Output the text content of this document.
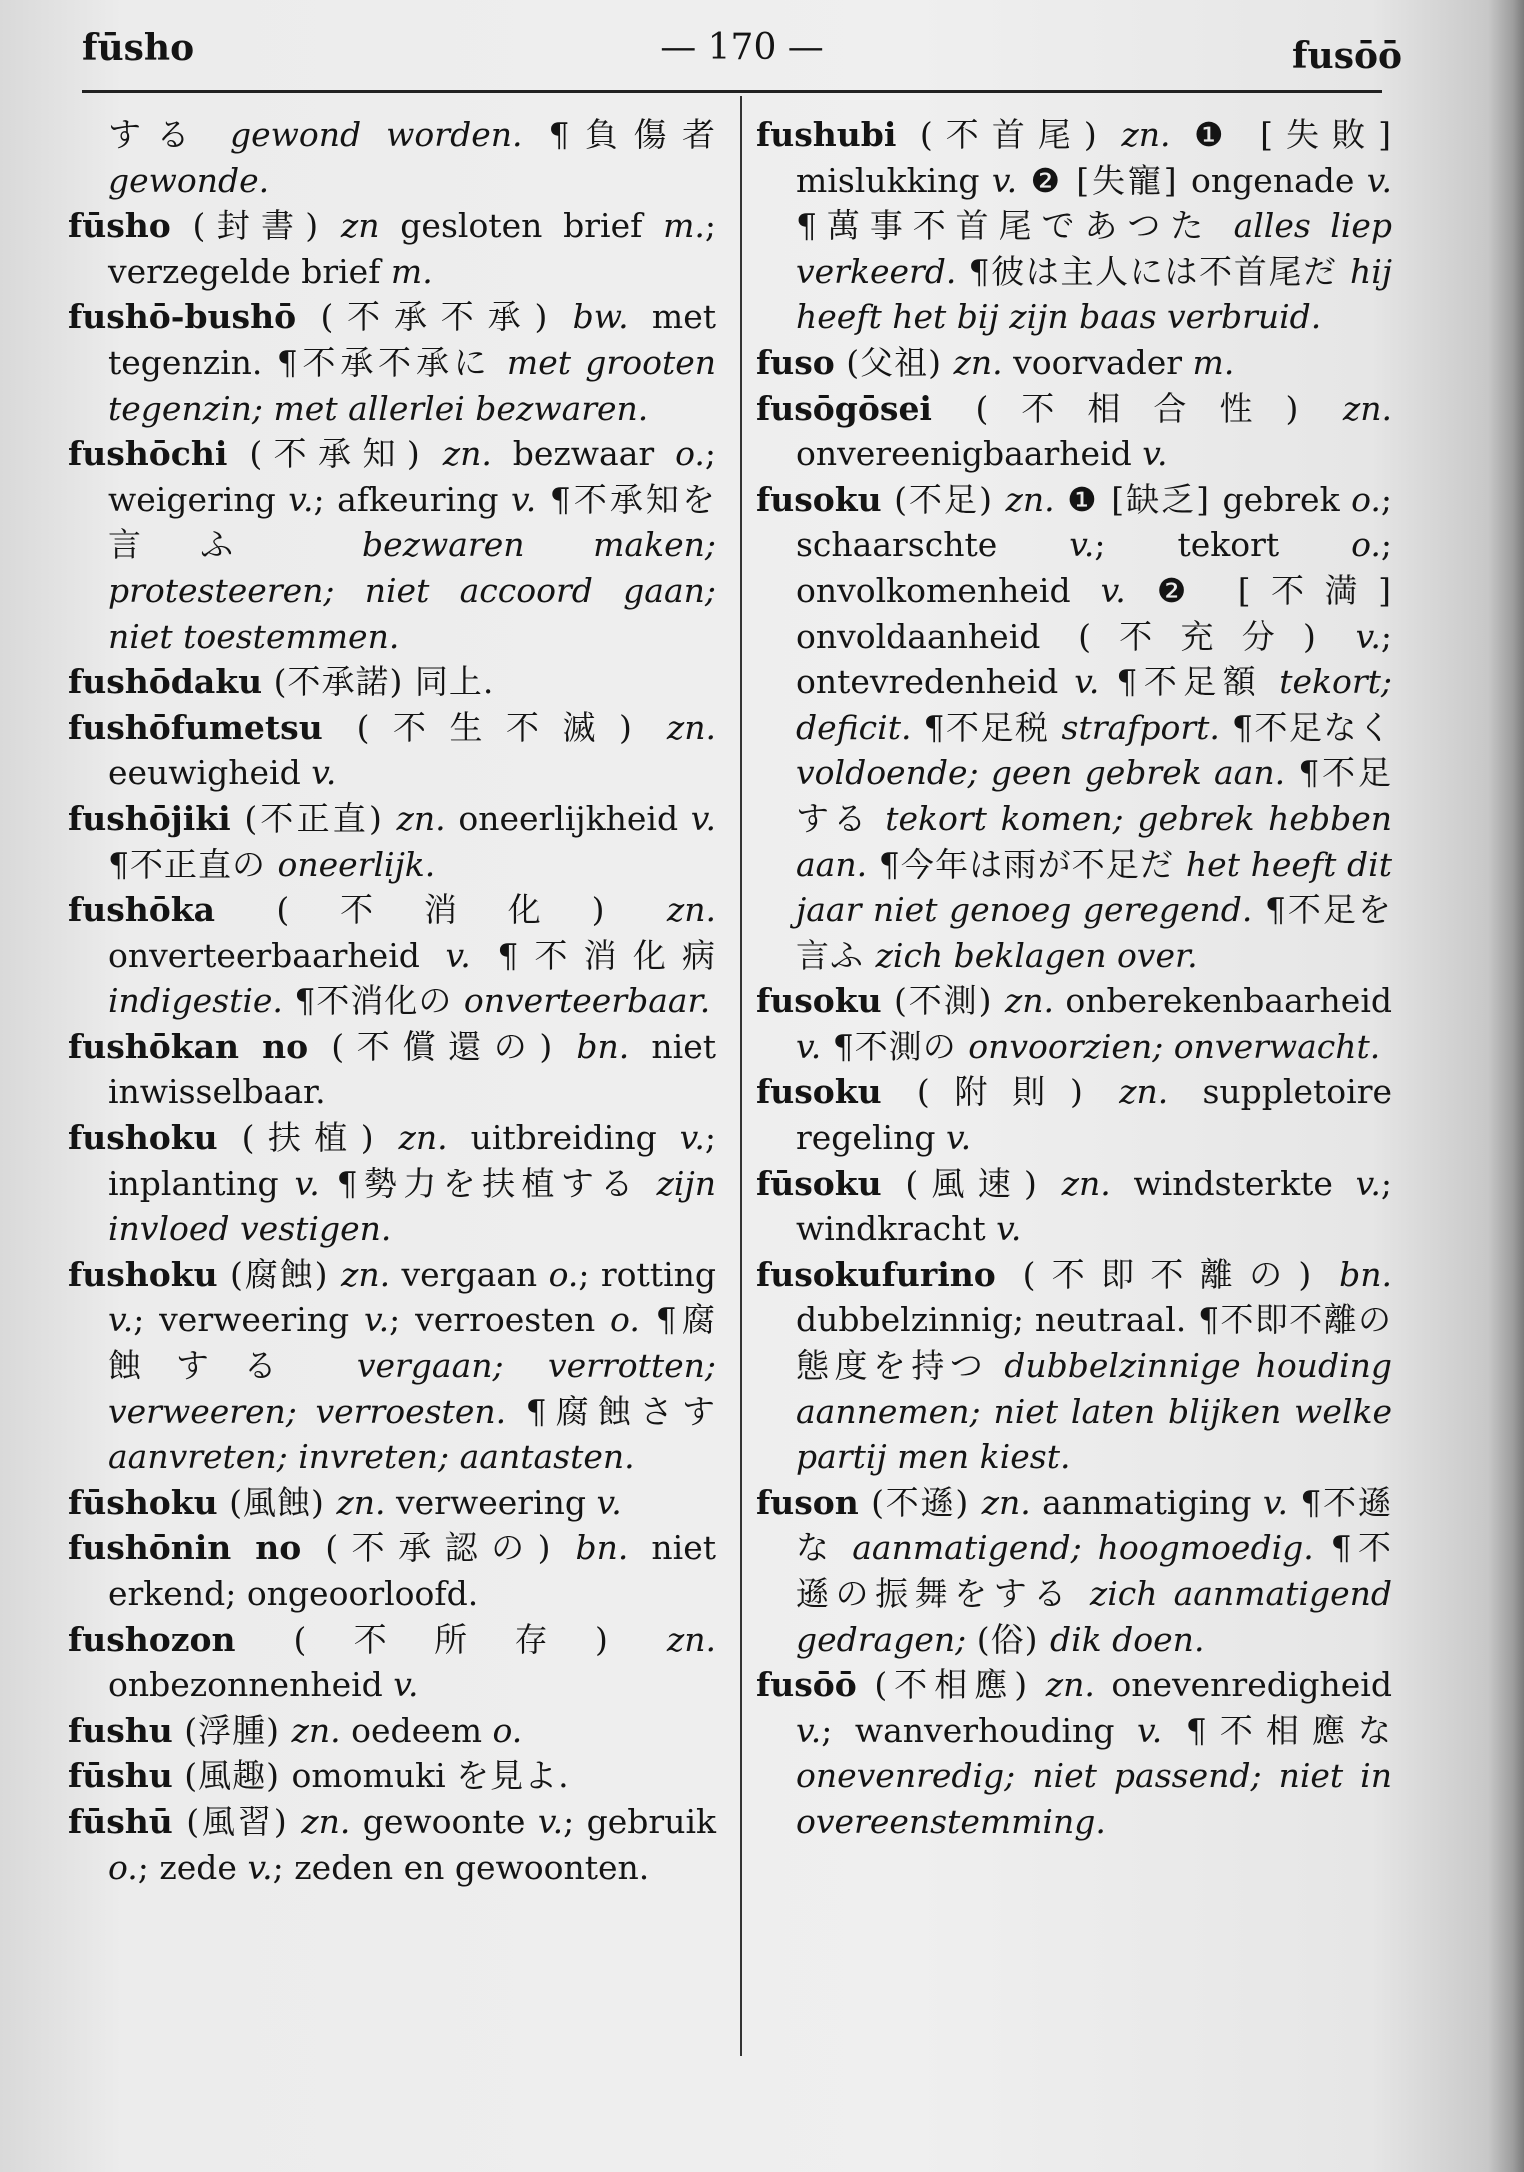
fūsho	— 170 —	fusōō

する gewond worden. ¶負傷者 gewonde.

fūsho (封書) zn gesloten brief m.; verzegelde brief m.

fushō-bushō (不承不承) bw. met tegenzin. ¶不承不承に met grooten tegenzin; met allerlei bezwaren.

fushōchi (不承知) zn. bezwaar o.; weigering v.; afkeuring v. ¶不承知を言ふ bezwaren maken; protesteeren; niet accoord gaan; niet toestemmen.

fushōdaku (不承諾) 同上.

fushōfumetsu (不生不滅) zn. eeuwigheid v.

fushōjiki (不正直) zn. oneerlijkheid v. ¶不正直の oneerlijk.

fushōka (不消化) zn. onverteerbaarheid v. ¶不消化病 indigestie. ¶不消化の onverteerbaar.

fushōkan no (不償還の) bn. niet inwisselbaar.

fushoku (扶植) zn. uitbreiding v.; inplanting v. ¶勢力を扶植する zijn invloed vestigen.

fushoku (腐蝕) zn. vergaan o.; rotting v.; verweering v.; verroesten o. ¶腐蝕する vergaan; verrotten; verweeren; verroesten. ¶腐蝕さす aanvreten; invreten; aantasten.

fūshoku (風蝕) zn. verweering v.

fushōnin no (不承認の) bn. niet erkend; ongeoorloofd.

fushozon (不所存) zn. onbezonnenheid v.

fushu (浮腫) zn. oedeem o.

fūshu (風趣) omomuki を見よ.

fūshū (風習) zn. gewoonte v.; gebruik o.; zede v.; zeden en gewoonten.

fushubi (不首尾) zn. ❶ [失敗] mislukking v. ❷ [失寵] ongenade v. ¶萬事不首尾であつた alles liep verkeerd. ¶彼は主人には不首尾だ hij heeft het bij zijn baas verbruid.

fuso (父祖) zn. voorvader m.

fusōgōsei (不相合性) zn. onvereenigbaarheid v.

fusoku (不足) zn. ❶ [缺乏] gebrek o.; schaarschte v.; tekort o.; onvolkomenheid v. ❷ [不満] onvoldaanheid (不充分) v.; ontevredenheid v. ¶不足額 tekort; deficit. ¶不足税 strafport. ¶不足なく voldoende; geen gebrek aan. ¶不足する tekort komen; gebrek hebben aan. ¶今年は雨が不足だ het heeft dit jaar niet genoeg geregend. ¶不足を言ふ zich beklagen over.

fusoku (不測) zn. onberekenbaarheid v. ¶不測の onvoorzien; onverwacht.

fusoku (附則) zn. suppletoire regeling v.

fūsoku (風速) zn. windsterkte v.; windkracht v.

fusokufurino (不即不離の) bn. dubbelzinnig; neutraal. ¶不即不離の態度を持つ dubbelzinnige houding aannemen; niet laten blijken welke partij men kiest.

fuson (不遜) zn. aanmatiging v. ¶不遜な aanmatigend; hoogmoedig. ¶不遜の振舞をする zich aanmatigend gedragen; (俗) dik doen.

fusōō (不相應) zn. onevenredigheid v.; wanverhouding v. ¶不相應な onevenredig; niet passend; niet in overeenstemming.
